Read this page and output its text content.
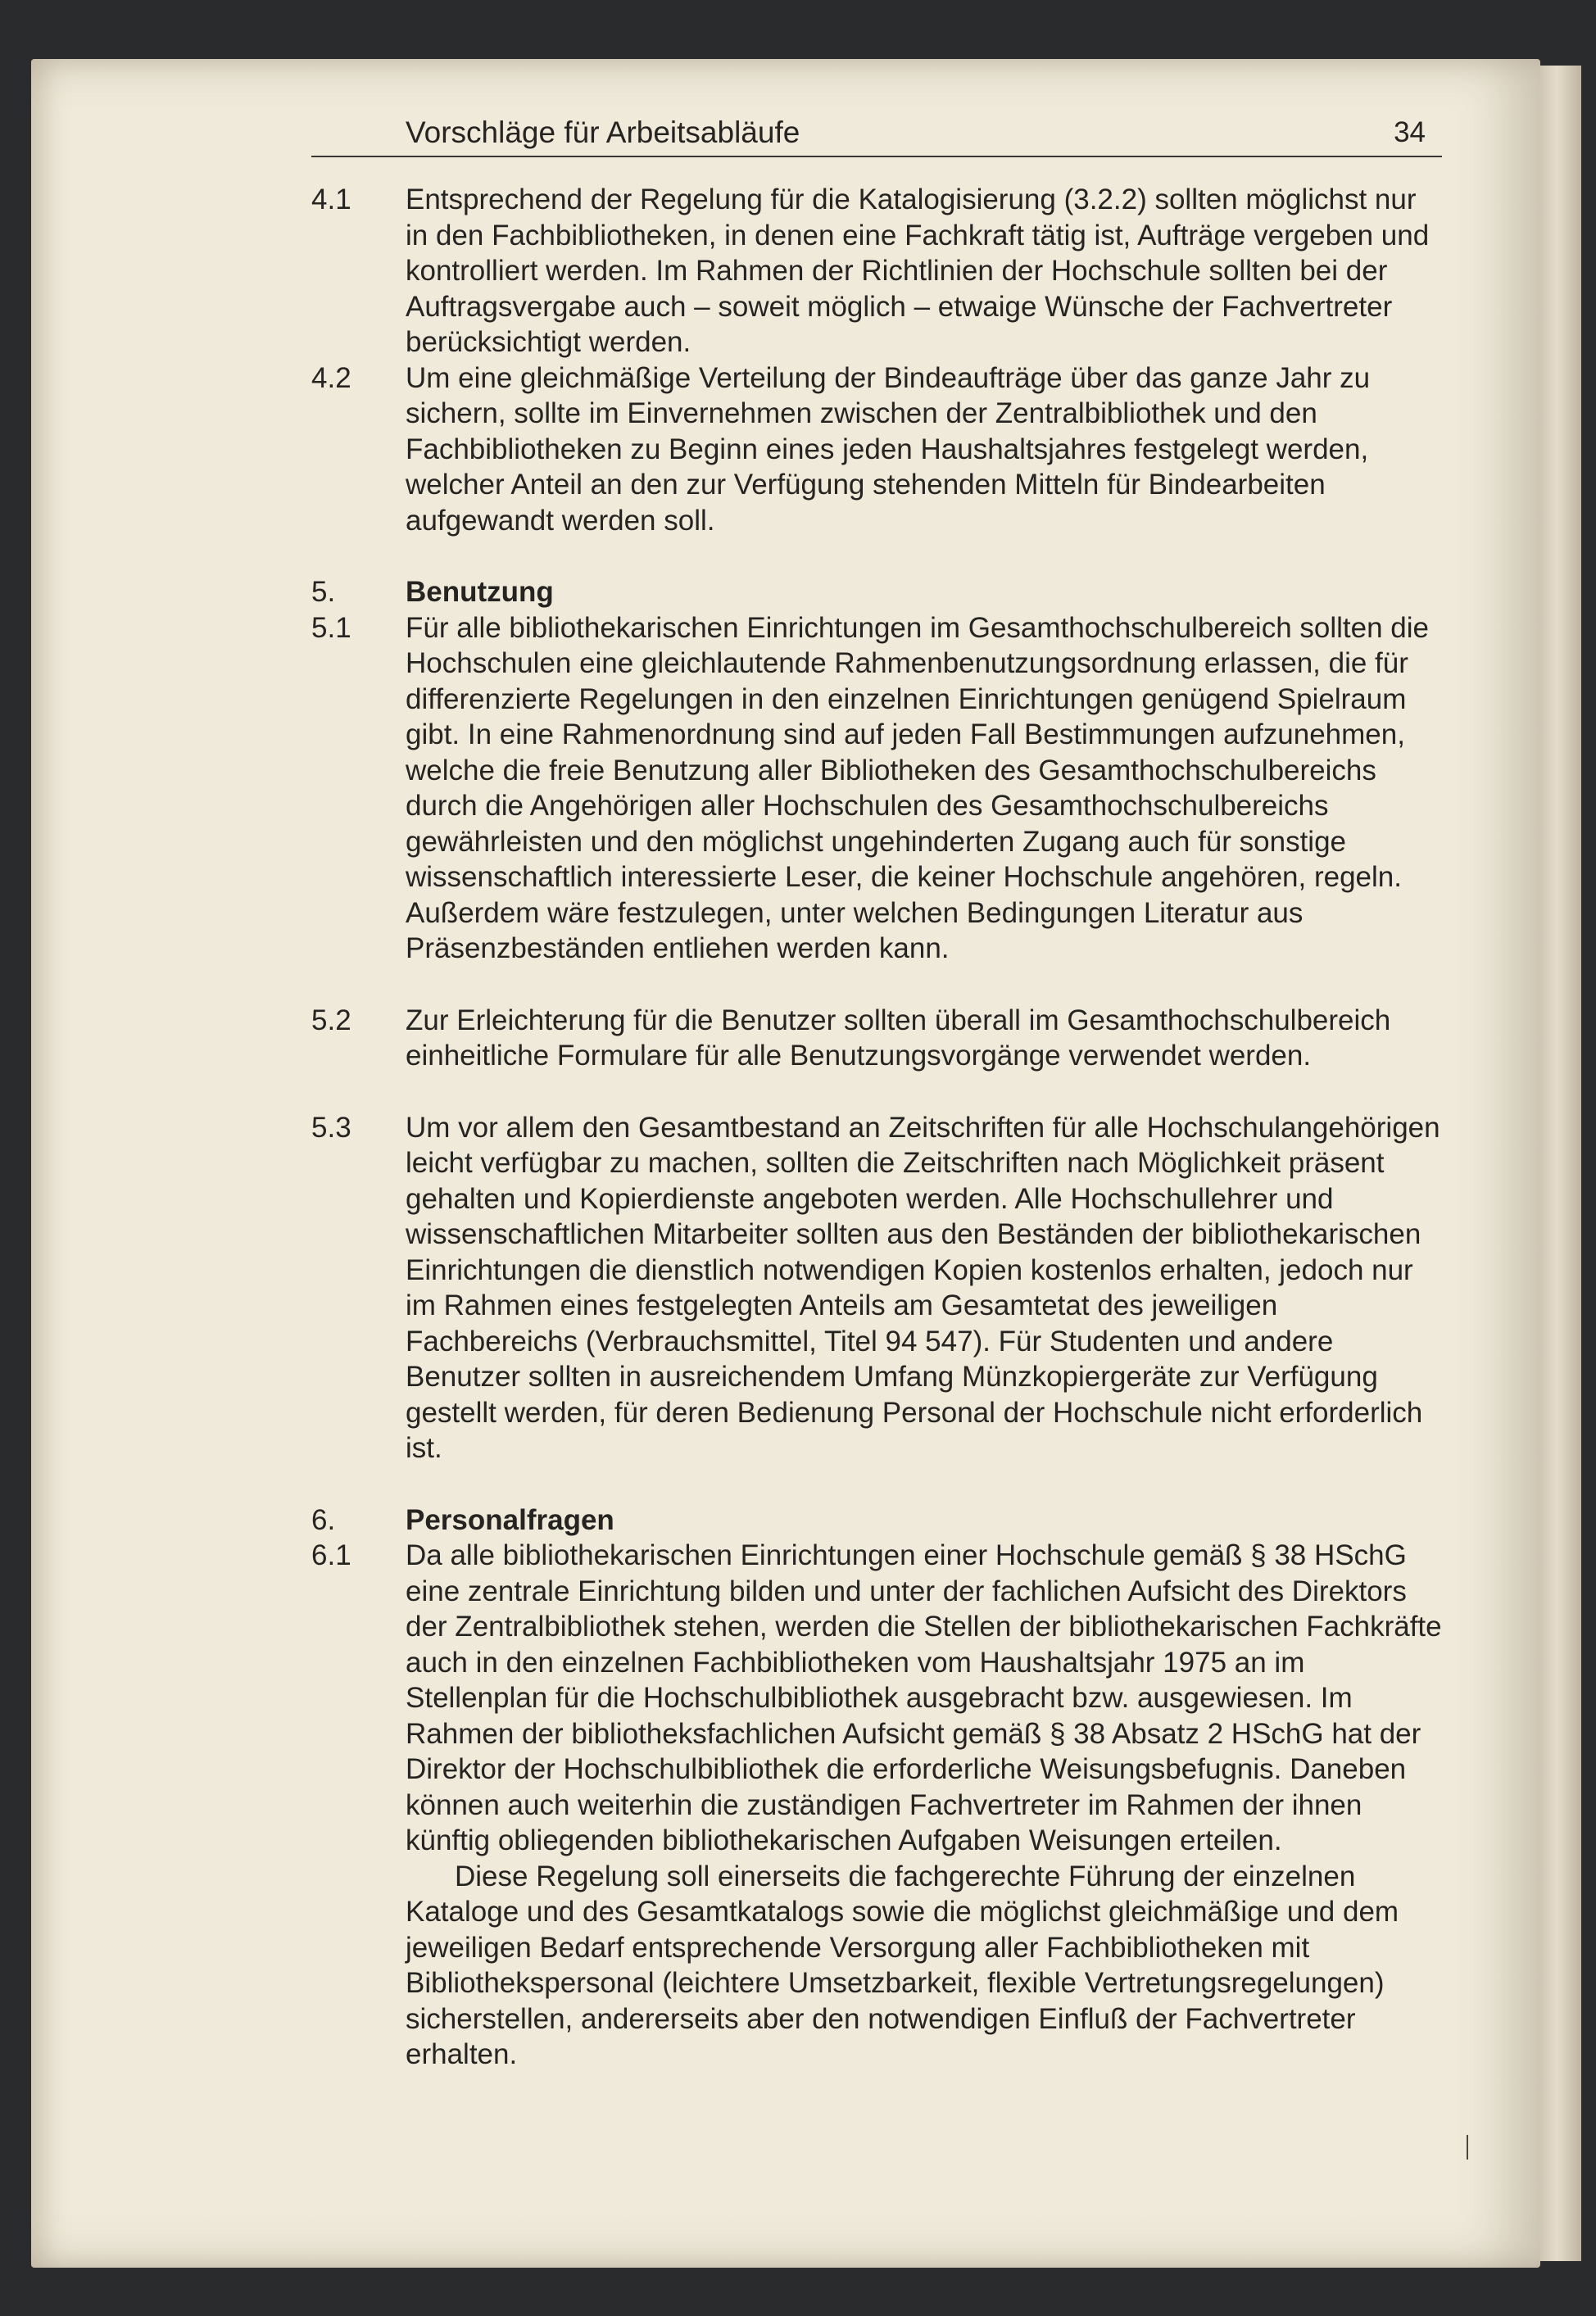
Vorschläge für Arbeitsabläufe	34
4.1	Entsprechend der Regelung für die Katalogisierung (3.2.2) sollten möglichst nur in den Fachbibliotheken, in denen eine Fachkraft tätig ist, Aufträge vergeben und kontrolliert werden. Im Rahmen der Richtlinien der Hochschule sollten bei der Auftragsvergabe auch – soweit möglich – etwaige Wünsche der Fachvertreter berücksichtigt werden.

4.2	Um eine gleichmäßige Verteilung der Bindeaufträge über das ganze Jahr zu sichern, sollte im Einvernehmen zwischen der Zentralbibliothek und den Fachbibliotheken zu Beginn eines jeden Haushaltsjahres festgelegt werden, welcher Anteil an den zur Verfügung stehenden Mitteln für Bindearbeiten aufgewandt werden soll.

5.	Benutzung

5.1	Für alle bibliothekarischen Einrichtungen im Gesamthochschulbereich sollten die Hochschulen eine gleichlautende Rahmenbenutzungsordnung erlassen, die für differenzierte Regelungen in den einzelnen Einrichtungen genügend Spielraum gibt. In eine Rahmenordnung sind auf jeden Fall Bestimmungen aufzunehmen, welche die freie Benutzung aller Bibliotheken des Gesamthochschulbereichs durch die Angehörigen aller Hochschulen des Gesamthochschulbereichs gewährleisten und den möglichst ungehinderten Zugang auch für sonstige wissenschaftlich interessierte Leser, die keiner Hochschule angehören, regeln. Außerdem wäre festzulegen, unter welchen Bedingungen Literatur aus Präsenzbeständen entliehen werden kann.

5.2	Zur Erleichterung für die Benutzer sollten überall im Gesamthochschulbereich einheitliche Formulare für alle Benutzungsvorgänge verwendet werden.

5.3	Um vor allem den Gesamtbestand an Zeitschriften für alle Hochschulangehörigen leicht verfügbar zu machen, sollten die Zeitschriften nach Möglichkeit präsent gehalten und Kopierdienste angeboten werden. Alle Hochschullehrer und wissenschaftlichen Mitarbeiter sollten aus den Beständen der bibliothekarischen Einrichtungen die dienstlich notwendigen Kopien kostenlos erhalten, jedoch nur im Rahmen eines festgelegten Anteils am Gesamtetat des jeweiligen Fachbereichs (Verbrauchsmittel, Titel 94 547). Für Studenten und andere Benutzer sollten in ausreichendem Umfang Münzkopiergeräte zur Verfügung gestellt werden, für deren Bedienung Personal der Hochschule nicht erforderlich ist.

6.	Personalfragen

6.1	Da alle bibliothekarischen Einrichtungen einer Hochschule gemäß § 38 HSchG eine zentrale Einrichtung bilden und unter der fachlichen Aufsicht des Direktors der Zentralbibliothek stehen, werden die Stellen der bibliothekarischen Fachkräfte auch in den einzelnen Fachbibliotheken vom Haushaltsjahr 1975 an im Stellenplan für die Hochschulbibliothek ausgebracht bzw. ausgewiesen. Im Rahmen der bibliotheksfachlichen Aufsicht gemäß § 38 Absatz 2 HSchG hat der Direktor der Hochschulbibliothek die erforderliche Weisungsbefugnis. Daneben können auch weiterhin die zuständigen Fachvertreter im Rahmen der ihnen künftig obliegenden bibliothekarischen Aufgaben Weisungen erteilen.

Diese Regelung soll einerseits die fachgerechte Führung der einzelnen Kataloge und des Gesamtkatalogs sowie die möglichst gleichmäßige und dem jeweiligen Bedarf entsprechende Versorgung aller Fachbibliotheken mit Bibliothekspersonal (leichtere Umsetzbarkeit, flexible Vertretungsregelungen) sicherstellen, andererseits aber den notwendigen Einfluß der Fachvertreter erhalten.
